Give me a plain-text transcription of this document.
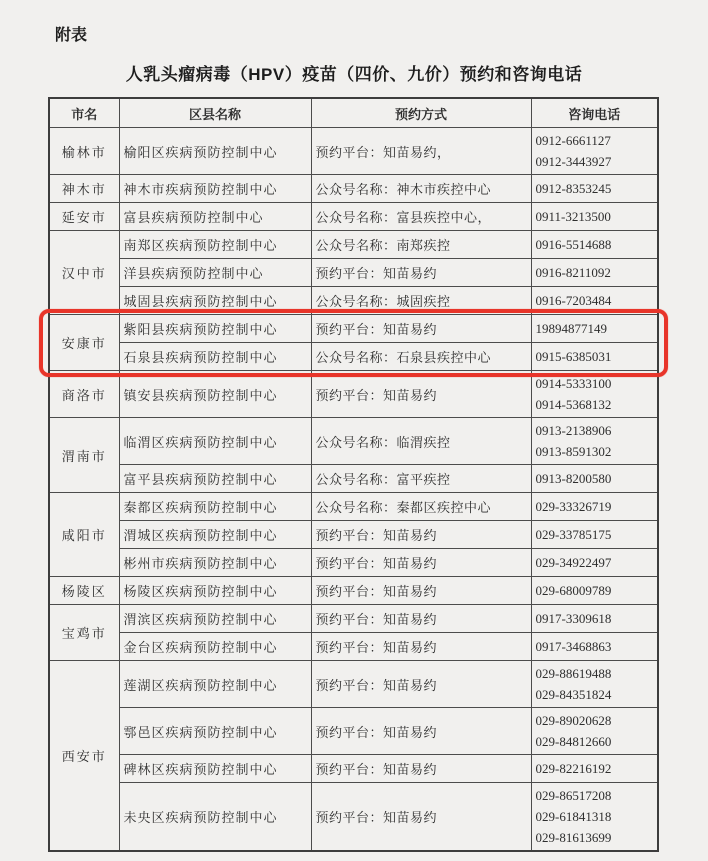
附表
人乳头瘤病毒（HPV）疫苗（四价、九价）预约和咨询电话
市名	区县名称	预约方式	咨询电话
榆林市	榆阳区疾病预防控制中心	预约平台：知苗易约，	0912-6661127
0912-3443927

神木市	神木市疾病预防控制中心	公众号名称：神木市疾控中心	0912-8353245

延安市	富县疾病预防控制中心	公众号名称：富县疾控中心，	0911-3213500

汉中市	南郑区疾病预防控制中心	公众号名称：南郑疾控	0916-5514688

	洋县疾病预防控制中心	预约平台：知苗易约	0916-8211092

	城固县疾病预防控制中心	公众号名称：城固疾控	0916-7203484

安康市	紫阳县疾病预防控制中心	预约平台：知苗易约	19894877149

	石泉县疾病预防控制中心	公众号名称：石泉县疾控中心	0915-6385031

商洛市	镇安县疾病预防控制中心	预约平台：知苗易约	0914-5333100
0914-5368132

渭南市	临渭区疾病预防控制中心	公众号名称：临渭疾控	0913-2138906
0913-8591302

	富平县疾病预防控制中心	公众号名称：富平疾控	0913-8200580

咸阳市	秦都区疾病预防控制中心	公众号名称：秦都区疾控中心	029-33326719

	渭城区疾病预防控制中心	预约平台：知苗易约	029-33785175

	彬州市疾病预防控制中心	预约平台：知苗易约	029-34922497

杨陵区	杨陵区疾病预防控制中心	预约平台：知苗易约	029-68009789

宝鸡市	渭滨区疾病预防控制中心	预约平台：知苗易约	0917-3309618

	金台区疾病预防控制中心	预约平台：知苗易约	0917-3468863

西安市	莲湖区疾病预防控制中心	预约平台：知苗易约	029-88619488
029-84351824

	鄠邑区疾病预防控制中心	预约平台：知苗易约	029-89020628
029-84812660

	碑林区疾病预防控制中心	预约平台：知苗易约	029-82216192

	未央区疾病预防控制中心	预约平台：知苗易约	029-86517208
029-61841318
029-81613699
